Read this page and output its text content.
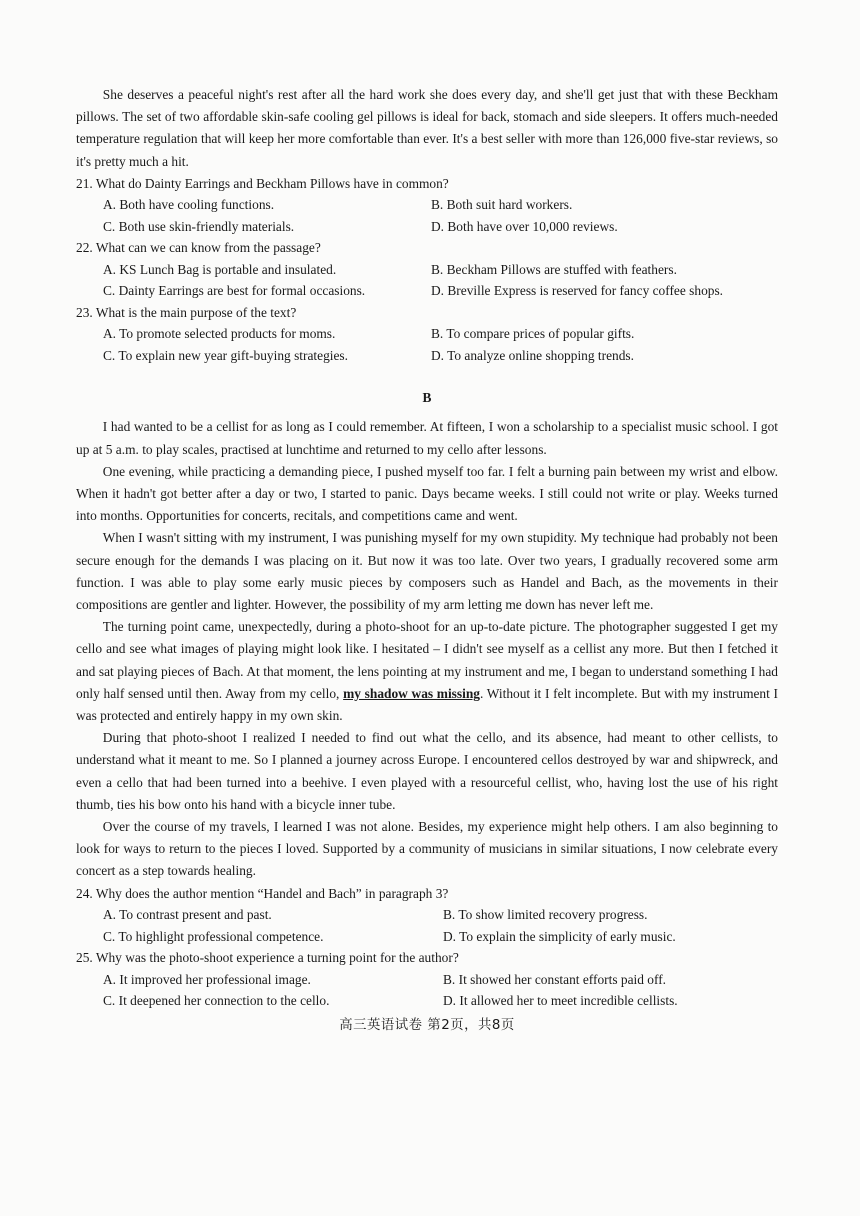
She deserves a peaceful night's rest after all the hard work she does every day, and she'll get just that with these Beckham pillows. The set of two affordable skin-safe cooling gel pillows is ideal for back, stomach and side sleepers. It offers much-needed temperature regulation that will keep her more comfortable than ever. It's a best seller with more than 126,000 five-star reviews, so it's pretty much a hit.

21. What do Dainty Earrings and Beckham Pillows have in common?

A. Both have cooling functions.	B. Both suit hard workers.
C. Both use skin-friendly materials.	D. Both have over 10,000 reviews.

22. What can we can know from the passage?

A. KS Lunch Bag is portable and insulated.	B. Beckham Pillows are stuffed with feathers.
C. Dainty Earrings are best for formal occasions.	D. Breville Express is reserved for fancy coffee shops.

23. What is the main purpose of the text?

A. To promote selected products for moms.	B. To compare prices of popular gifts.
C. To explain new year gift-buying strategies.	D. To analyze online shopping trends.
B

I had wanted to be a cellist for as long as I could remember. At fifteen, I won a scholarship to a specialist music school. I got up at 5 a.m. to play scales, practised at lunchtime and returned to my cello after lessons.

One evening, while practicing a demanding piece, I pushed myself too far. I felt a burning pain between my wrist and elbow. When it hadn't got better after a day or two, I started to panic. Days became weeks. I still could not write or play. Weeks turned into months. Opportunities for concerts, recitals, and competitions came and went.

When I wasn't sitting with my instrument, I was punishing myself for my own stupidity. My technique had probably not been secure enough for the demands I was placing on it. But now it was too late. Over two years, I gradually recovered some arm function. I was able to play some early music pieces by composers such as Handel and Bach, as the movements in their compositions are gentler and lighter. However, the possibility of my arm letting me down has never left me.

The turning point came, unexpectedly, during a photo-shoot for an up-to-date picture. The photographer suggested I get my cello and see what images of playing might look like. I hesitated – I didn't see myself as a cellist any more. But then I fetched it and sat playing pieces of Bach. At that moment, the lens pointing at my instrument and me, I began to understand something I had only half sensed until then. Away from my cello, my shadow was missing. Without it I felt incomplete. But with my instrument I was protected and entirely happy in my own skin.

During that photo-shoot I realized I needed to find out what the cello, and its absence, had meant to other cellists, to understand what it meant to me. So I planned a journey across Europe. I encountered cellos destroyed by war and shipwreck, and even a cello that had been turned into a beehive. I even played with a resourceful cellist, who, having lost the use of his right thumb, ties his bow onto his hand with a bicycle inner tube.

Over the course of my travels, I learned I was not alone. Besides, my experience might help others. I am also beginning to look for ways to return to the pieces I loved. Supported by a community of musicians in similar situations, I now celebrate every concert as a step towards healing.

24. Why does the author mention “Handel and Bach” in paragraph 3?

A. To contrast present and past.	B. To show limited recovery progress.
C. To highlight professional competence.	D. To explain the simplicity of early music.

25. Why was the photo-shoot experience a turning point for the author?

A. It improved her professional image.	B. It showed her constant efforts paid off.
C. It deepened her connection to the cello.	D. It allowed her to meet incredible cellists.
高三英语试卷 第2页，共8页
